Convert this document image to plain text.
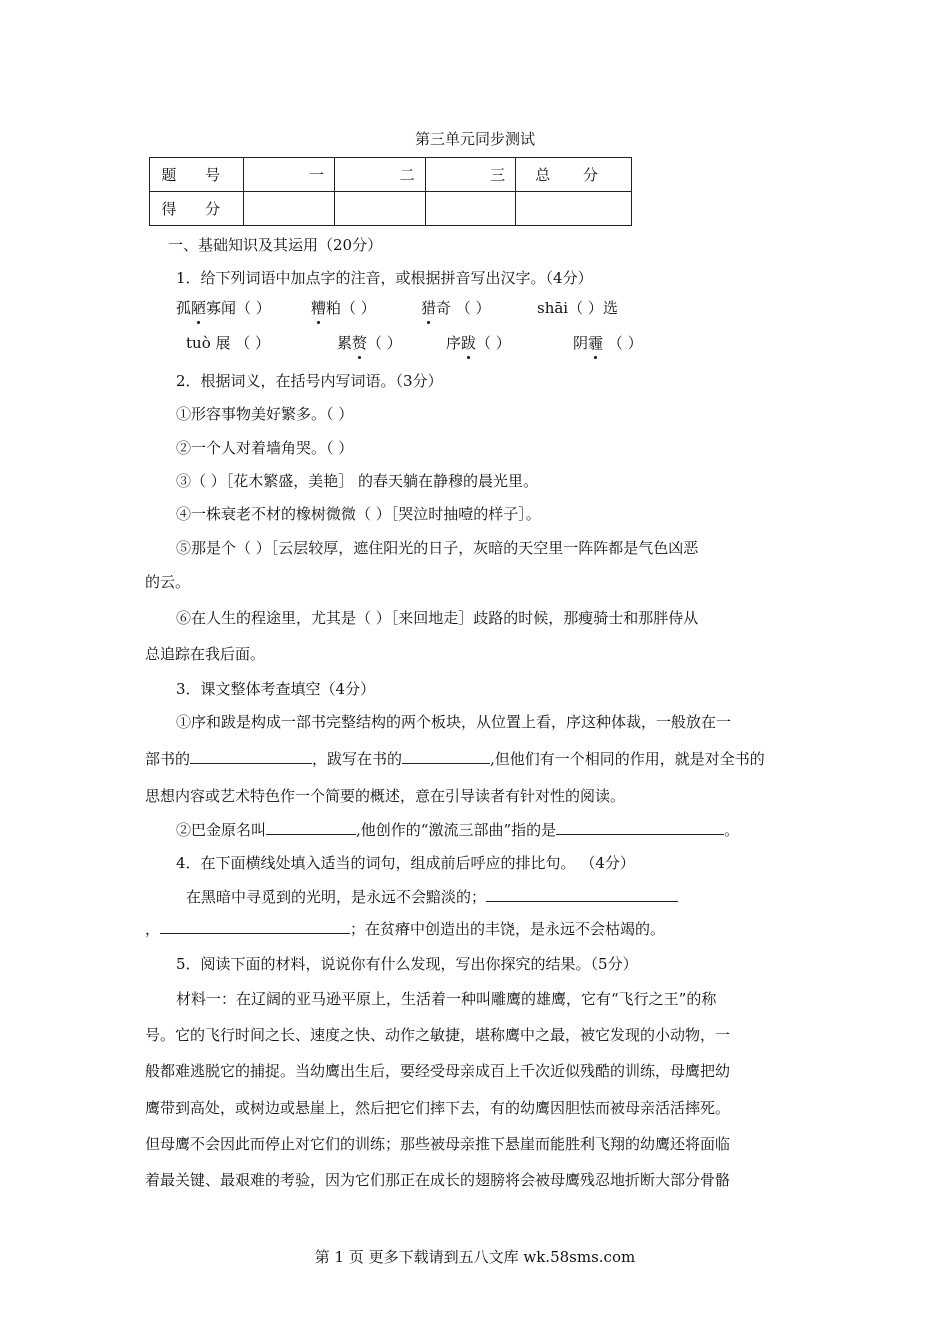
第三单元同步测试
题 号	一	二	三	总 分
得 分				
一、基础知识及其运用（20分）
1．给下列词语中加点字的注音，或根据拼音写出汉字。（4分）
孤陋寡闻（ ）	糟粕（ ）	猎奇 （ ）	shāi（ ）选
tuò 展 （ ）	累赘（ ）	序跋（ ）	阴霾 （ ）
2．根据词义，在括号内写词语。（3分）
①形容事物美好繁多。（ ）
②一个人对着墙角哭。（ ）
③（ ）［花木繁盛，美艳］ 的春天躺在静穆的晨光里。
④一株衰老不材的橡树微微（ ）［哭泣时抽噎的样子］。
⑤那是个（ ）［云层较厚，遮住阳光的日子，灰暗的天空里一阵阵都是气色凶恶
的云。
⑥在人生的程途里，尤其是（ ）［来回地走］歧路的时候，那瘦骑士和那胖侍从
总追踪在我后面。
3．课文整体考查填空（4分）
①序和跋是构成一部书完整结构的两个板块，从位置上看，序这种体裁，一般放在一
部书的	，跋写在书的	,但他们有一个相同的作用，就是对全书的
思想内容或艺术特色作一个简要的概述，意在引导读者有针对性的阅读。
②巴金原名叫	,他创作的“激流三部曲”指的是	。
4．在下面横线处填入适当的词句，组成前后呼应的排比句。 （4分）
在黑暗中寻觅到的光明，是永远不会黯淡的；
，	；在贫瘠中创造出的丰饶，是永远不会枯竭的。
5．阅读下面的材料，说说你有什么发现，写出你探究的结果。（5分）
材料一：在辽阔的亚马逊平原上，生活着一种叫雕鹰的雄鹰，它有“飞行之王”的称
号。它的飞行时间之长、速度之快、动作之敏捷，堪称鹰中之最，被它发现的小动物，一
般都难逃脱它的捕捉。当幼鹰出生后，要经受母亲成百上千次近似残酷的训练，母鹰把幼
鹰带到高处，或树边或悬崖上，然后把它们摔下去，有的幼鹰因胆怯而被母亲活活摔死。
但母鹰不会因此而停止对它们的训练；那些被母亲推下悬崖而能胜利飞翔的幼鹰还将面临
着最关键、最艰难的考验，因为它们那正在成长的翅膀将会被母鹰残忍地折断大部分骨骼
第 1 页 更多下载请到五八文库 wk.58sms.com
